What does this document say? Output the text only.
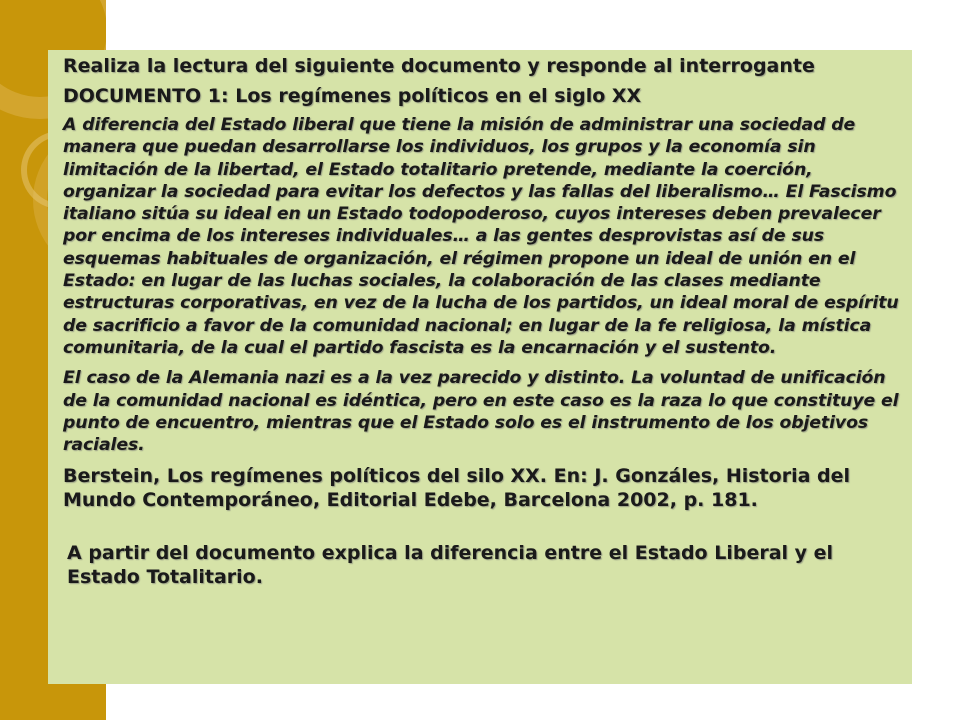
Realiza la lectura del siguiente documento y responde al interrogante

DOCUMENTO 1: Los regímenes políticos en el siglo XX

A diferencia del Estado liberal que tiene la misión de administrar una sociedad de manera que puedan desarrollarse los individuos, los grupos y la economía sin limitación de la libertad, el Estado totalitario pretende, mediante la coerción, organizar la sociedad para evitar los defectos y las fallas del liberalismo… El Fascismo italiano sitúa su ideal en un Estado todopoderoso, cuyos intereses deben prevalecer por encima de los intereses individuales… a las gentes desprovistas así de sus esquemas habituales de organización, el régimen propone un ideal de unión en el Estado: en lugar de las luchas sociales, la colaboración de las clases mediante estructuras corporativas, en vez de la lucha de los partidos, un ideal moral de espíritu de sacrificio a favor de la comunidad nacional; en lugar de la fe religiosa, la mística comunitaria, de la cual el partido fascista es la encarnación y el sustento.

El caso de la Alemania nazi es a la vez parecido y distinto. La voluntad de unificación de la comunidad nacional es idéntica, pero en este caso es la raza lo que constituye el punto de encuentro, mientras que el Estado solo es el instrumento de los objetivos raciales.

Berstein, Los regímenes políticos del silo XX. En: J. Gonzáles, Historia del Mundo Contemporáneo, Editorial Edebe, Barcelona 2002, p. 181.

A partir del documento explica la diferencia entre el Estado Liberal y el Estado Totalitario.
